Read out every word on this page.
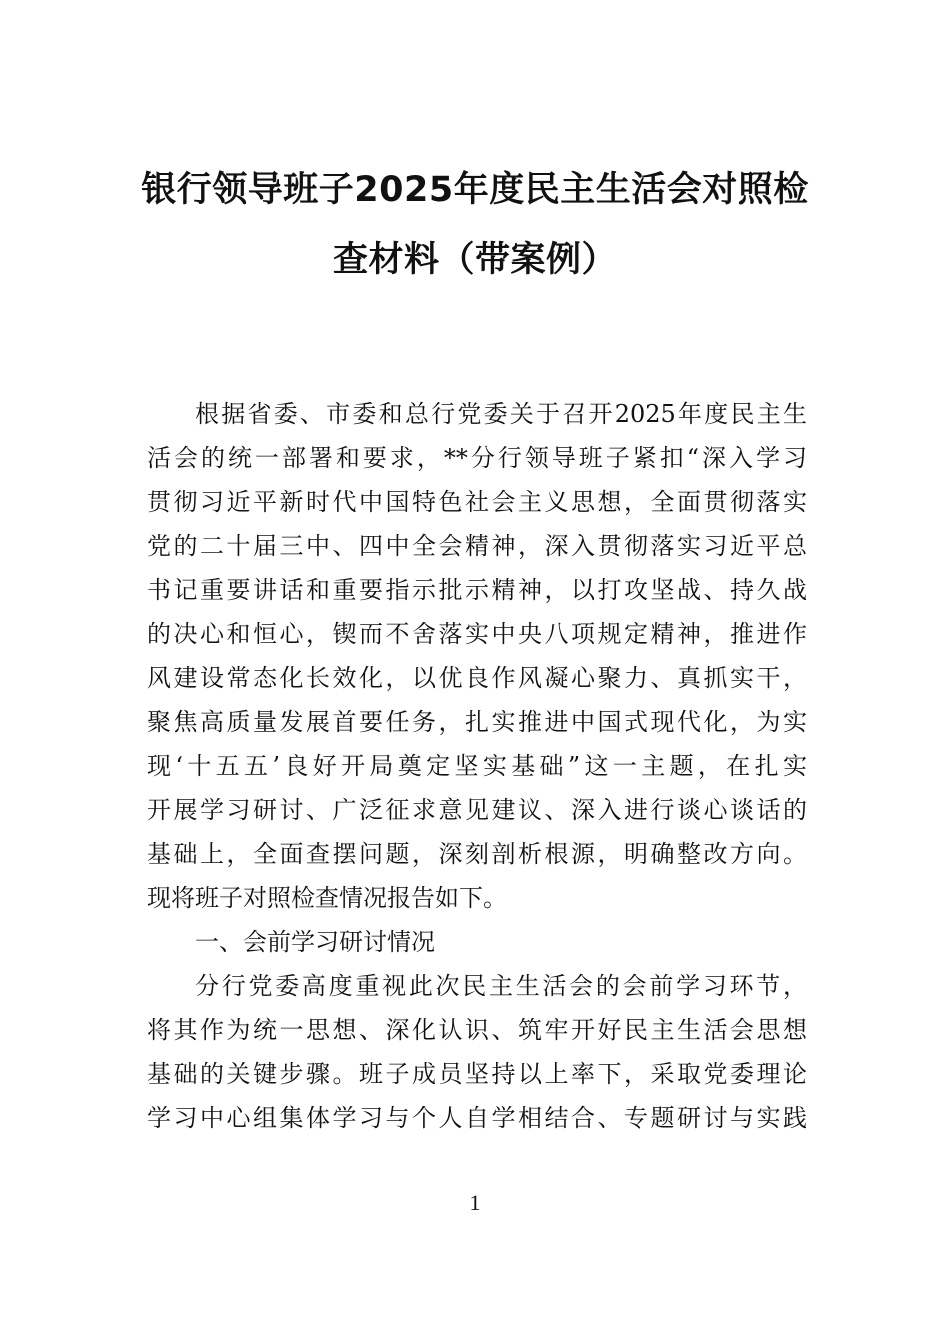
银行领导班子2025年度民主生活会对照检
查材料（带案例）
根据省委、市委和总行党委关于召开2025年度民主生
活会的统一部署和要求，**分行领导班子紧扣“深入学习
贯彻习近平新时代中国特色社会主义思想，全面贯彻落实
党的二十届三中、四中全会精神，深入贯彻落实习近平总
书记重要讲话和重要指示批示精神，以打攻坚战、持久战
的决心和恒心，锲而不舍落实中央八项规定精神，推进作
风建设常态化长效化，以优良作风凝心聚力、真抓实干，
聚焦高质量发展首要任务，扎实推进中国式现代化，为实
现‘十五五’良好开局奠定坚实基础”这一主题，在扎实
开展学习研讨、广泛征求意见建议、深入进行谈心谈话的
基础上，全面查摆问题，深刻剖析根源，明确整改方向。
现将班子对照检查情况报告如下。
一、会前学习研讨情况
分行党委高度重视此次民主生活会的会前学习环节，
将其作为统一思想、深化认识、筑牢开好民主生活会思想
基础的关键步骤。班子成员坚持以上率下，采取党委理论
学习中心组集体学习与个人自学相结合、专题研讨与实践
1
